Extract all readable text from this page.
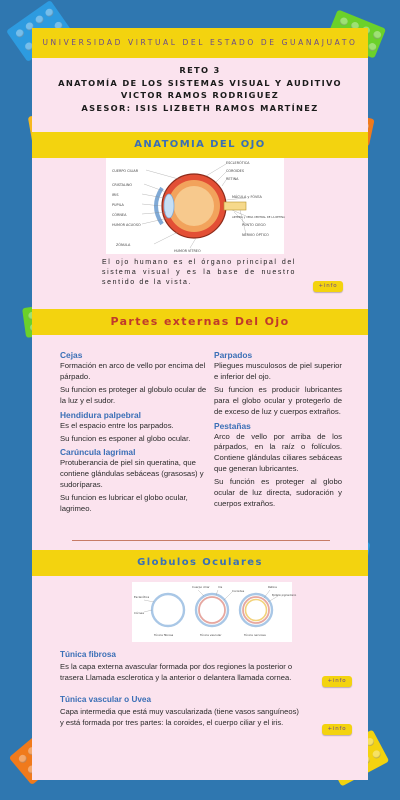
UNIVERSIDAD VIRTUAL DEL ESTADO DE GUANAJUATO
RETO 3
ANATOMÍA DE LOS SISTEMAS VISUAL Y AUDITIVO
VICTOR RAMOS RODRIGUEZ
ASESOR: ISIS LIZBETH RAMOS MARTÍNEZ
ANATOMIA DEL OJO
ESCLERÓTICA
COROIDES
RETINA
CUERPO CILIAR
CRISTALINO
IRIS
PUPILA
CÓRNEA
HUMOR ACUOSO
ZÓNULA
HUMOR VÍTREO
MÁCULA y FÓVEA
ARTERIA y VENA CENTRAL DE LA RETINA
PUNTO CIEGO
NERVIO ÓPTICO
El ojo humano es el órgano principal del sistema visual y es la base de nuestro sentido de la vista.	+info
Partes externas Del Ojo
Cejas

Formación en arco de vello por encima del párpado.

Su funcion es proteger al globulo ocular de la luz y el sudor.

Hendidura palpebral

Es el espacio entre los parpados.

Su funcion es esponer al globo ocular.

Carúncula lagrimal

Protuberancia de piel sin queratina, que contiene glándulas sebáceas (grasosas) y sudoríparas.

Su funcion es lubricar el globo ocular, lagrimeo.

Parpados

Pliegues musculosos de piel superior e inferior del ojo.

Su funcion es producir lubricantes para el globo ocular y protegerlo de de exceso de luz y cuerpos extraños.

Pestañas

Arco de vello por arriba de los párpados, en la raíz o folículos. Contiene glándulas ciliares sebáceas que generan lubricantes.

Su función es proteger al globo ocular de luz directa, sudoración y cuerpos extraños.

Globulos Oculares
Esclerótica
Córnea
Cuerpo ciliar	Iris
Coroides
Retina
Epitelio pigmentario
Túnica fibrosa	Túnica vascular	Túnica nerviosa
Túnica fibrosa
Es la capa externa avascular formada por dos regiones la posterior o trasera Llamada esclerotica y la anterior o delantera llamada cornea.	+info
Túnica vascular o Uvea
Capa intermedia que está muy vascularizada (tiene vasos sanguíneos) y está formada por tres partes: la coroides, el cuerpo ciliar y el iris.
+info
